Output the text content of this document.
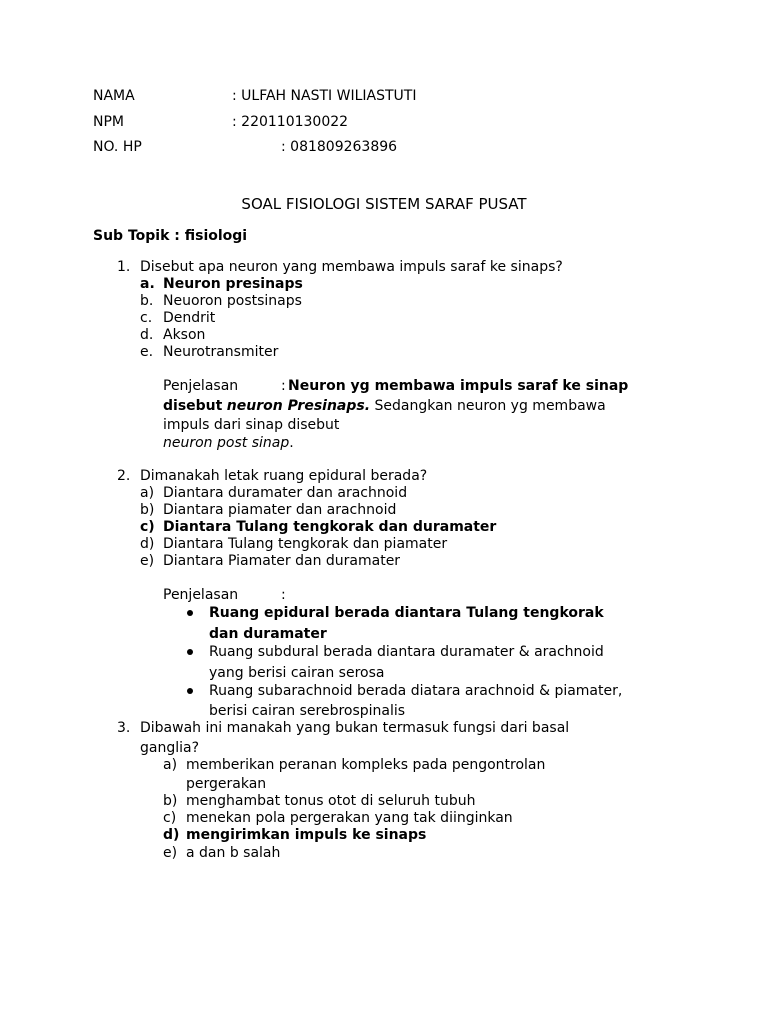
NAMA	: ULFAH NASTI WILIASTUTI
NPM	: 220110130022
NO. HP	: 081809263896
SOAL FISIOLOGI SISTEM SARAF PUSAT
Sub Topik : fisiologi
1. Disebut apa neuron yang membawa impuls saraf ke sinaps?
a. Neuron presinaps
b. Neuoron postsinaps
c. Dendrit
d. Akson
e. Neurotransmiter
Penjelasan	: Neuron yg membawa impuls saraf ke sinap
disebut neuron Presinaps. Sedangkan neuron yg membawa
impuls dari sinap disebut
neuron post sinap.
2. Dimanakah letak ruang epidural berada?
a) Diantara duramater dan arachnoid
b) Diantara piamater dan arachnoid
c) Diantara Tulang tengkorak dan duramater
d) Diantara Tulang tengkorak dan piamater
e) Diantara Piamater dan duramater
Penjelasan	:
Ruang epidural berada diantara Tulang tengkorak
dan duramater
Ruang subdural berada diantara duramater & arachnoid
yang berisi cairan serosa
Ruang subarachnoid berada diatara arachnoid & piamater,
berisi cairan serebrospinalis
3. Dibawah ini manakah yang bukan termasuk fungsi dari basal
ganglia?
a) memberikan peranan kompleks pada pengontrolan
pergerakan
b) menghambat tonus otot di seluruh tubuh
c) menekan pola pergerakan yang tak diinginkan
d) mengirimkan impuls ke sinaps
e) a dan b salah
